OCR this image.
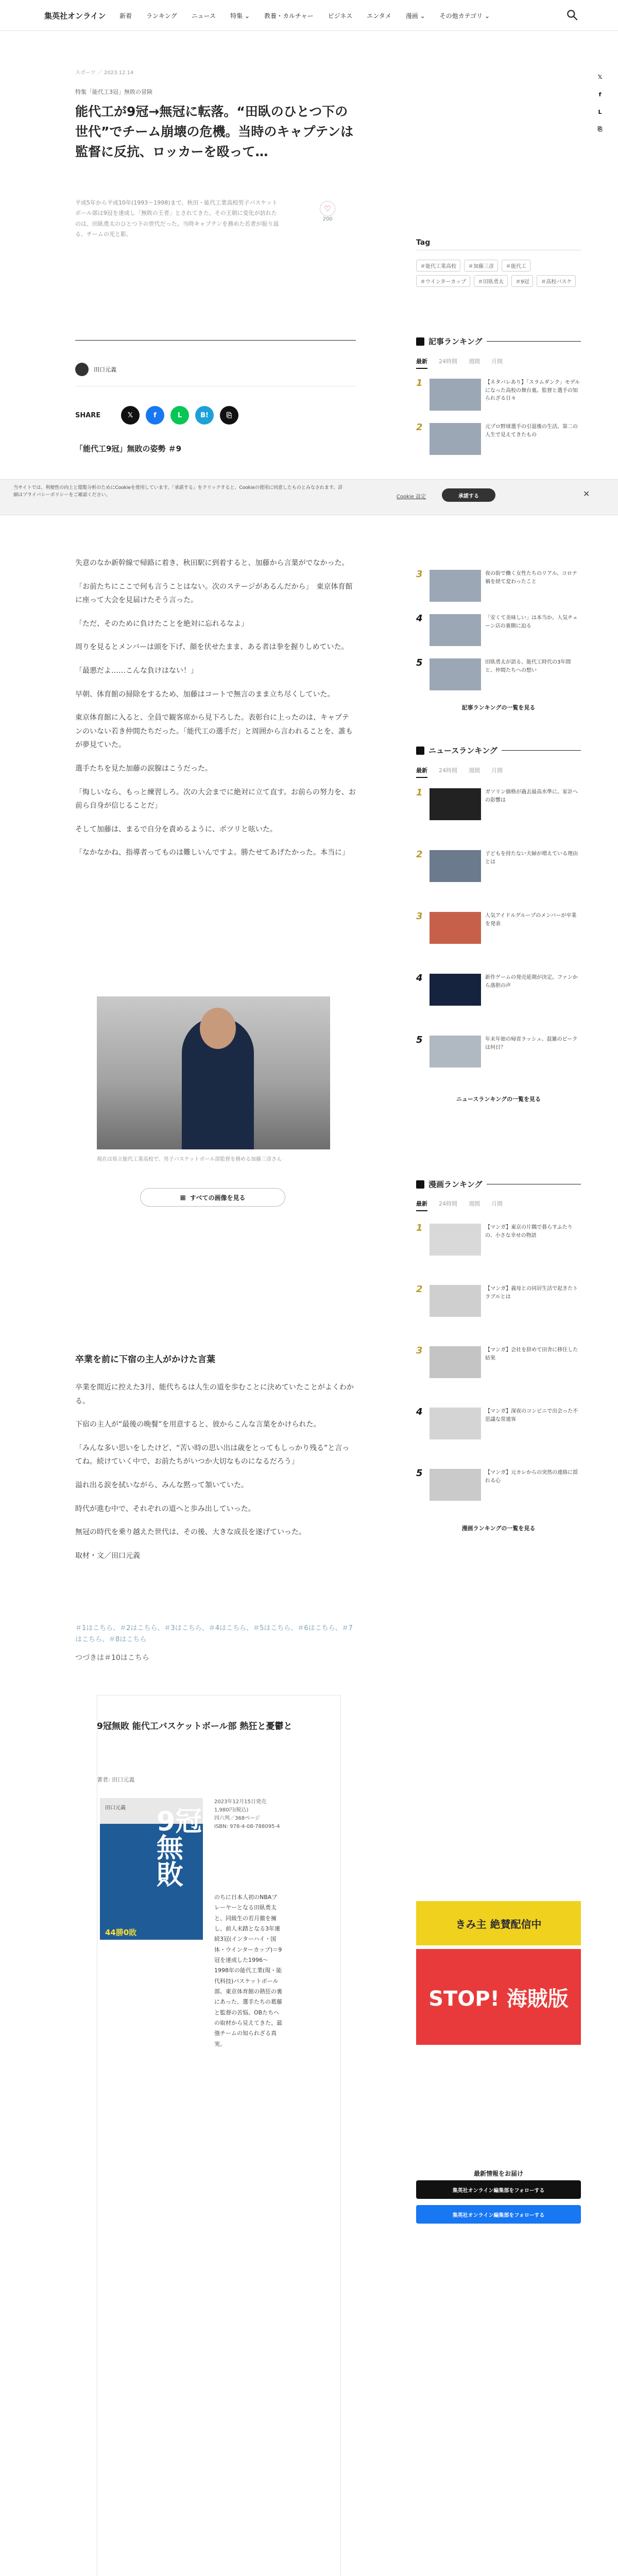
集英社オンライン 新着 ランキング ニュース 特集 ⌄ 教養・カルチャー ビジネス エンタメ 漫画 ⌄ その他カテゴリ ⌄
𝕏
f
L
⎘
スポーツ ／ 2023.12.14
特集「能代工3冠」無敗の冒険
能代工が9冠→無冠に転落。“田臥のひとつ下の世代”でチーム崩壊の危機。当時のキャプテンは監督に反抗、ロッカーを殴って…
平成5年から平成10年(1993〜1998)まで、秋田・能代工業高校男子バスケットボール部は9冠を達成し「無敗の王者」とされてきた。その王朝に変化が訪れたのは、田臥勇太のひとつ下の世代だった。当時キャプテンを務めた若者が振り返る、チームの光と影。
♡
200
田口元義
SHARE	𝕏	f	L	B!	⎘
「能代工9冠」無敗の姿勢 ＃9

失意のなか新幹線で帰路に着き、秋田駅に到着すると、加藤から言葉がでなかった。

「お前たちにここで何も言うことはない。次のステージがあるんだから」　東京体育館に座って大会を見届けたそう言った。

「ただ、そのために負けたことを絶対に忘れるなよ」

周りを見るとメンバーは頭を下げ、顔を伏せたまま、ある者は拳を握りしめていた。

「最悪だよ……こんな負けはない！」

早朝、体育館の掃除をするため、加藤はコートで無言のまま立ち尽くしていた。

東京体育館に入ると、全員で観客席から見下ろした。表彰台に上ったのは、キャプテンのいない若き仲間たちだった。「能代工の選手だ」と周囲から言われることを、誰もが夢見ていた。

選手たちを見た加藤の涙腺はこうだった。

「悔しいなら、もっと練習しろ。次の大会までに絶対に立て直す。お前らの努力を、お前ら自身が信じることだ」

そして加藤は、まるで自分を責めるように、ポツリと呟いた。

「なかなかね、指導者ってものは難しいんですよ。勝たせてあげたかった。本当に」

現在は県立能代工業高校で、男子バスケットボール部監督を務める加藤三彦さん
▦ すべての画像を見る
卒業を前に下宿の主人がかけた言葉

卒業を間近に控えた3月、能代ちるは人生の道を歩むことに決めていたことがよくわかる。

下宿の主人が“最後の晩餐”を用意すると、彼からこんな言葉をかけられた。

「みんな多い思いをしたけど、“苦い時の思い出は歳をとってもしっかり残る”と言ってね。続けていく中で、お前たちがいつか大切なものになるだろう」

溢れ出る涙を拭いながら、みんな黙って頷いていた。

時代が進む中で、それぞれの道へと歩み出していった。

無冠の時代を乗り越えた世代は、その後、大きな成長を遂げていった。

取材・文／田口元義

＃1はこちら、＃2はこちら、＃3はこちら、＃4はこちら、＃5はこちら、＃6はこちら、＃7はこちら、＃8はこちら
つづきは＃10はこちら
9冠無敗 能代工バスケットボール部 熱狂と憂鬱と
著者: 田口元義
田口元義 9冠無敗
44勝0敗
2023年12月15日発売
1,980円(税込)
四六判／368ページ
ISBN: 978-4-08-788095-4
のちに日本人初のNBAプレーヤーとなる田臥勇太と、同級生の若月徹を擁し、前人未踏となる3年連続3冠(インターハイ・国体・ウインターカップ)＝9冠を達成した1996〜1998年の能代工業(現・能代科技)バスケットボール部。東京体育館の熱狂の裏にあった、選手たちの葛藤と監督の苦悩。OBたちへの取材から見えてきた、最強チームの知られざる真実。
Tag
＃能代工業高校	＃加藤三彦	＃能代工
＃ウインターカップ	＃田臥勇太	＃9冠	＃高校バスケ
記事ランキング
最新 24時間 週間 月間
1	【ネタバレあり】「スラムダンク」モデルになった高校の舞台裏。監督と選手の知られざる日々
2	元プロ野球選手の引退後の生活。第二の人生で見えてきたもの
3	夜の街で働く女性たちのリアル。コロナ禍を経て変わったこと
4	「安くて美味しい」は本当か。人気チェーン店の裏側に迫る
5	田臥勇太が語る、能代工時代の3年間と、仲間たちへの想い
記事ランキングの一覧を見る
ニュースランキング
最新 24時間 週間 月間
1	ガソリン価格が過去最高水準に。家計への影響は
2	子どもを持たない夫婦が増えている理由とは
3	人気アイドルグループのメンバーが卒業を発表
4	新作ゲームの発売延期が決定。ファンから落胆の声
5	年末年始の帰省ラッシュ、混雑のピークは何日？
ニュースランキングの一覧を見る
漫画ランキング
最新 24時間 週間 月間
1	【マンガ】東京の片隅で暮らすふたりの、小さな幸せの物語
2	【マンガ】義母との同居生活で起きたトラブルとは
3	【マンガ】会社を辞めて田舎に移住した結果
4	【マンガ】深夜のコンビニで出会った不思議な常連客
5	【マンガ】元カレからの突然の連絡に揺れる心
漫画ランキングの一覧を見る
きみ主 絶賛配信中
STOP! 海賊版
最新情報をお届け
集英社オンライン編集部をフォローする
集英社オンライン編集部をフォローする
当サイトでは、利便性の向上と閲覧分析のためにCookieを使用しています。「承諾する」をクリックすると、Cookieの使用に同意したものとみなされます。詳細はプライバシーポリシーをご確認ください。	Cookie 設定	承諾する	✕
